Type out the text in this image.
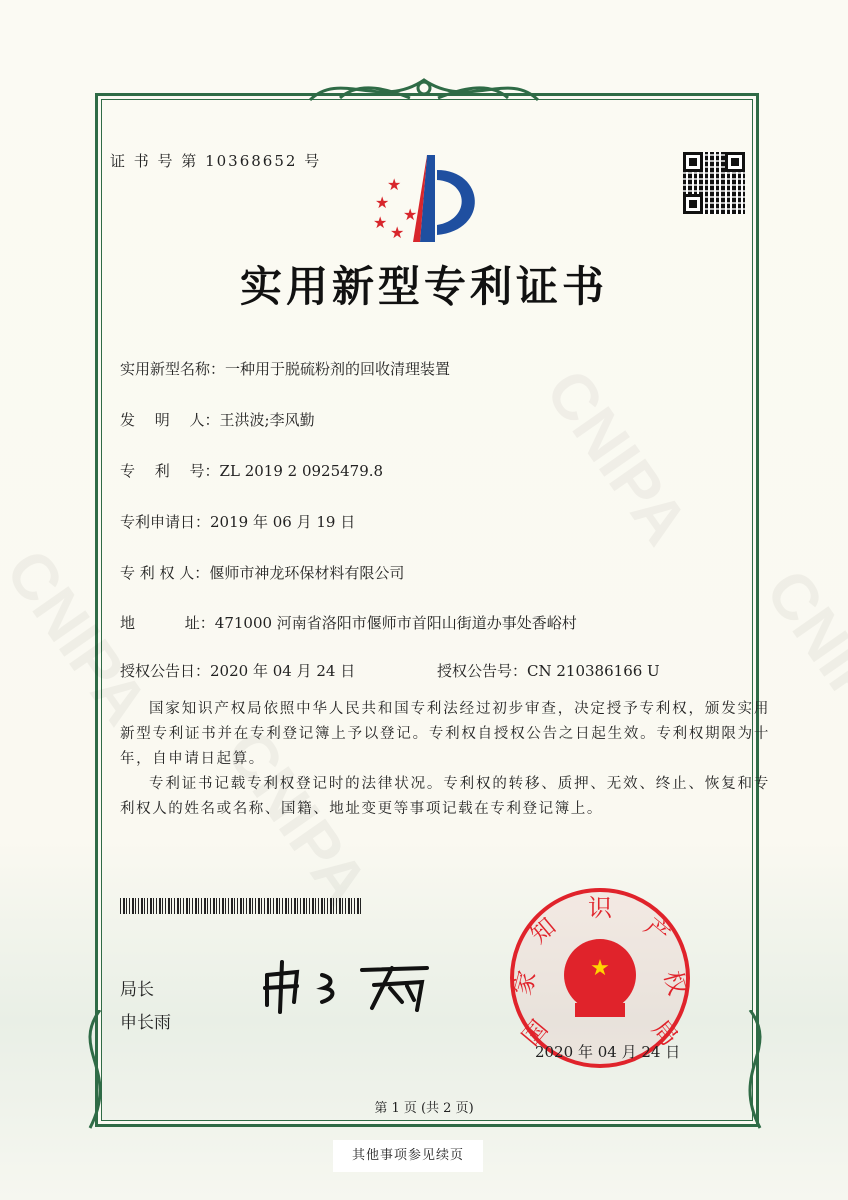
证 书 号 第 10368652 号
★
★
★
★
★
实用新型专利证书
实用新型名称：一种用于脱硫粉剂的回收清理装置
发　 明　 人：王洪波;李风勤
专　 利　 号：ZL 2019 2 0925479.8
专利申请日：2019 年 06 月 19 日
专 利 权 人：偃师市神龙环保材料有限公司
地　　　 址：471000 河南省洛阳市偃师市首阳山街道办事处香峪村
授权公告日：2020 年 04 月 24 日	授权公告号：CN 210386166 U

国家知识产权局依照中华人民共和国专利法经过初步审查，决定授予专利权，颁发实用新型专利证书并在专利登记簿上予以登记。专利权自授权公告之日起生效。专利权期限为十年，自申请日起算。

专利证书记载专利权登记时的法律状况。专利权的转移、质押、无效、终止、恢复和专利权人的姓名或名称、国籍、地址变更等事项记载在专利登记簿上。

局长
申长雨
★
国
家
知
识
产
权
局
2020 年 04 月 24 日
第 1 页 (共 2 页)
其他事项参见续页
